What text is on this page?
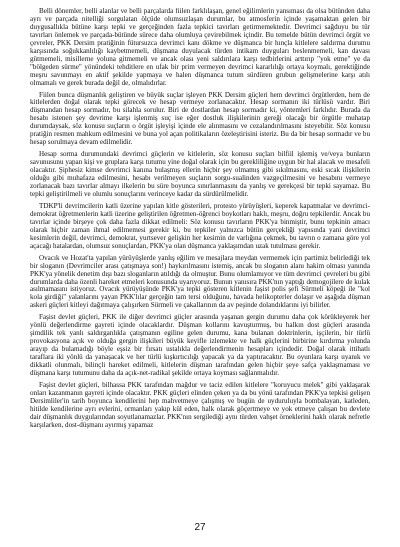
Belli dönemler, belli alanlar ve belli parçalarda fiilen farklılaşan, genel eğilimlerin yansıması da olsa bütünden daha ayrı ve parçada nitelliği sorgulatan ölçüde olumsuzlaşan durumlar, bu atmosferin içinde yaşamaktan gelen bir duygusallıkla bütüne karşı tepki ve gerçeğinden fazla tepkici tavırları getirmemektedir. Devrimci sağduyu bu tür tavırları önlemek ve parçada-bütünde sürece daha olumluya çevirebilmek içindir. Bu temelde bütün devrimci örgüt ve çevreler, PKK Dersim pratiğinin fütursuzca devrimci kanı dökme ve düşmanca bir hınçla kitlelere saldırma durumu karşısında soğukkanlılığı kaybetmemeli, düşmana duyulacak türden intikam duyguları beslenmemeli, kan davası gütmemeli, misillerne yoluna gitmemeli ve ancak olası yeni saldırılara karşı tedbirlerini arttırıp "yok etme" ye da "bölgeden sürme" yönündeki tehditlere en ufak bir prim vermeyen devrimci kararlılığı ortaya koymalı, gerektiğinde meşru savunmayı en aktif şekilde yapmaya ve halen düşmanca tutum sürdüren grubun gelişmelerine karşı atılı olmamalı ve gerek burada değil de, olmalıdırlar.

Fiilen bunca düşmanlık geliştiren ve büyük suçlar işleyen PKK Dersim güçleri hem devrimci örgütlerden, hem de kitlelerden doğal olarak tepki görecek ve hesap vermeye zorlanacaktır. Hesap sormanın iki türlüsü vardır. Biri düşmandan hesap sormadır, bu silahla sorulur. Biri de dostlardan hesap sormadır ki, yöntemleri farklıdır. Burada da hesabı istenen şey devrime karşı işlenmiş suç ise eğer dostluk ilişkilerinin gereği olacağı bir örgütle muhatap durumdaysak, söz konusu suçların o örgüt işleyişi içinde ele alınmasını ve cezalandırılmasını isteyebilir. Söz konusu pratiğin resmen mahkum edilmesini ve buna yol açan politikaların özeleştirisini isteriz. Bu da bir hesap sormadır ve bu hesap sorulmaya devam edilmelidir.

Hesap sorma durumundaki devrimci güçlerin ve kitlelerin, söz konusu suçları bilfiil işlemiş ve/veya bunların savunusunu yapan kişi ve gruplara karşı tutumu yine doğal olarak için bu gerekliliğine uygun bir hal alacak ve mesafeli olacaktır. Şiphesiz kimse devrimci kanına bulaşmış ellerin hiçbir şey olmamış gibi sıkılmasını, eski sıcak ilişkilerin olduğu gibi muhafaza edilmesini, hesabı verilmeyen suçların sorgu-sualinden vazgeçilmesini ve hesabını vermeye zorlanacak bazı tavırlar almayı ilkelerin bu süre boyunca sınırlanmasını da yanlış ve gerekçesi bir tepki sayamaz. Bu tepki geliştirilmeli ve olumlu sonuçlarını verinceye kadar da sürdürülmelidir.

TDKP'li devrimcilerin katli üzerine yapılan kitle gösterileri, protesto yürüyüşleri, keperek kapatmalar ve devrimci-demokrat öğretmenlerin katli üzerine geliştirilen öğretmen-öğrenci boykotları haklı, meşru, doğru tepkilerdir. Ancak bu tavırlar içinde birşeye çok daha fazla dikkat edilmeli: Söz konusu tavırların PKK'ya binmiştir, bunu tepkinin amacı olarak hiçbir zaman ihmal edilmemesi gerekir ki, bu tepkiler yalnızca bütün gerçekliği yapısında yani devrimci kesimlerin değil, devrimci, demokrat, yurtsever gelişkin her kesimin de varlığına çekmek, bu tavrın o zamana göre yol açacağı hatalardan, olumsuz sonuçlardan, PKK'ya olan düşmanca yaklaşımdan uzak tutulması gerekir.

Ovacık ve Hozat'ta yapılan yürüyüşlerde yanlış eğilim ve mesajlara meydan vermemek için partimiz belirlediği tek bir sloganın (Devrimciler arası çatışmaya son!) haykırılmasını istemiş, ancak bu sloganın alanı hakim olması yanında PKK'ya yönelik denetim dışı bazı sloganların atıldığı da olmuştur. Bunu olumlamıyor ve tüm devrimci çevreleri bu gibi durumlarda daha özenli hareket etmeleri konusunda uyarıyoruz. Bunun yanısıra PKK'nın yaptığı demogojilere de kulak asılmamasını istiyoruz. Ovacık yürüyüşünde PKK'ya tepki gösteren kitlenin faşist polis şefi Sürmeli köpeği ile "kol kola girdiği" yalanlarını yayan PKK'lılar gerçeğin tam tersi olduğunu, havada helikopterler dolaşır ve aşağıda düşman askeri güçleri kitleyi dağıtmaya çalışırken Sürmeli ve çakallarının da av peşinde dolandıklarını iyi bilirler.

Faşist devlet güçleri, PKK ile diğer devrimci güçler arasında yaşanan gergin durumu daha çok körükleyerek her yönlü değerlendirme gayreti içinde olacaklardır. Düşman kollarını kavuşturmuş, bu halkın dost güçleri arasında şimdilik tek yanlı saldırganlıkla çatışmanın egiline gelen durumu, kana bulanan doktrinlerin, işçilerin, bir türlü provokasyona açık ve olduğa gergin ilişkileri büyük keyifle izlemekte ve halk güçlerini birbirine kırdırma yolunda arayıp da bulamadığı böyle eşsiz bir fırsatı ustalıkla değerlendirmenin hesapları içindedir. Doğal olarak ittihatlı taraflara iki yönlü da yanaşacak ve her türlü kışkırtıcılığı yapacak ya da yaptıracaktır. Bu oyunlara karşı uyanık ve dikkatli olunmalı, bilinçli hareket edilmeli, kitlelerin düşman tarafından gelen hiçbir şeye safça yaklaşmaması ve düşmana karşı tutumunu daha da açık-net-radikal şekilde ortaya koyması sağlanmalıdır.

Faşist devlet güçleri, bilhassa PKK tarafından mağdur ve taciz edilen kitlelere "koruyucu melek" gibi yaklaşarak onları kazanmanın gayreti içinde olacaktır. PKK güçleri elinden çeken ya da bu yönü tarafından PKK'ya tepkisi gelişen Dersimliler'in tarih boyunca kendilerini hep mahvetmeye çalışmış ve bugün de uyduruluyla bombalayan, katleden, hitilde kendilerine ayrı evlerini, ormanları yakıp kül eden, halk olarak göçertmeye ve yok etmeye çalışan bu devlete dair düşmanlık duygularından soyutlanamazlar. PKK'nın sergilediği aynı türden vahşet örneklerini haklı olarak nefretle karşılarken, dost-düşmanı ayırmış yapamaz

27
